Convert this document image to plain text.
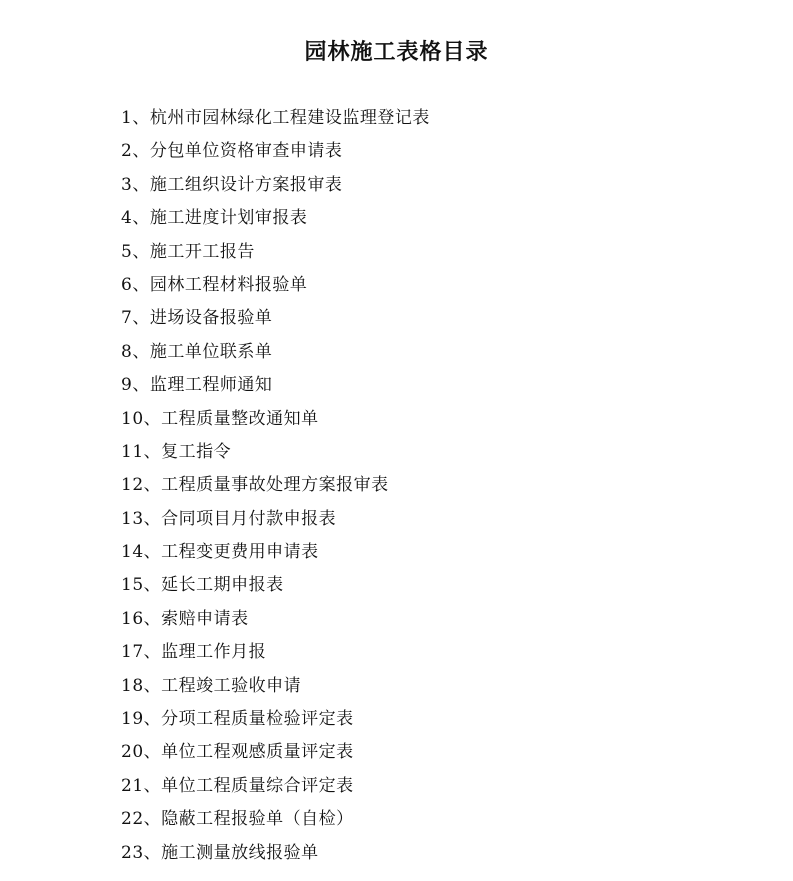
园林施工表格目录
1、杭州市园林绿化工程建设监理登记表
2、分包单位资格审查申请表
3、施工组织设计方案报审表
4、施工进度计划审报表
5、施工开工报告
6、园林工程材料报验单
7、进场设备报验单
8、施工单位联系单
9、监理工程师通知
10、工程质量整改通知单
11、复工指令
12、工程质量事故处理方案报审表
13、合同项目月付款申报表
14、工程变更费用申请表
15、延长工期申报表
16、索赔申请表
17、监理工作月报
18、工程竣工验收申请
19、分项工程质量检验评定表
20、单位工程观感质量评定表
21、单位工程质量综合评定表
22、隐蔽工程报验单（自检）
23、施工测量放线报验单
